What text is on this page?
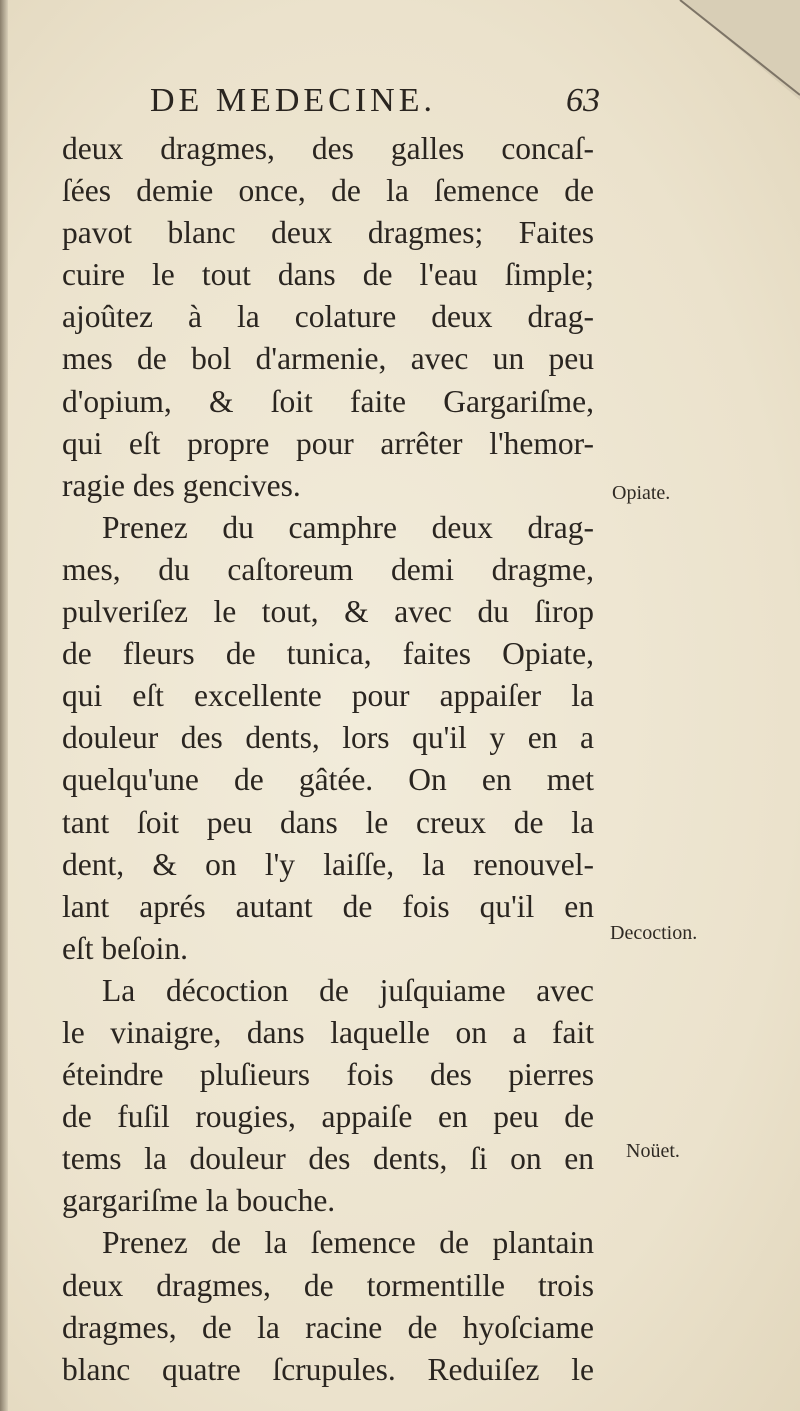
DE MEDECINE.	63
deux dragmes, des galles concaſ-
ſées demie once, de la ſemence de
pavot blanc deux dragmes; Faites
cuire le tout dans de l'eau ſimple;
ajoûtez à la colature deux drag-
mes de bol d'armenie, avec un peu
d'opium, & ſoit faite Gargariſme,
qui eſt propre pour arrêter l'hemor-
ragie des gencives.
Prenez du camphre deux drag-
mes, du caſtoreum demi dragme,
pulveriſez le tout, & avec du ſirop
de fleurs de tunica, faites Opiate,
qui eſt excellente pour appaiſer la
douleur des dents, lors qu'il y en a
quelqu'une de gâtée. On en met
tant ſoit peu dans le creux de la
dent, & on l'y laiſſe, la renouvel-
lant aprés autant de fois qu'il en
eſt beſoin.
La décoction de juſquiame avec
le vinaigre, dans laquelle on a fait
éteindre pluſieurs fois des pierres
de fuſil rougies, appaiſe en peu de
tems la douleur des dents, ſi on en
gargariſme la bouche.
Prenez de la ſemence de plantain
deux dragmes, de tormentille trois
dragmes, de la racine de hyoſciame
blanc quatre ſcrupules. Reduiſez le
Opiate.
Decoction.
Noüet.
